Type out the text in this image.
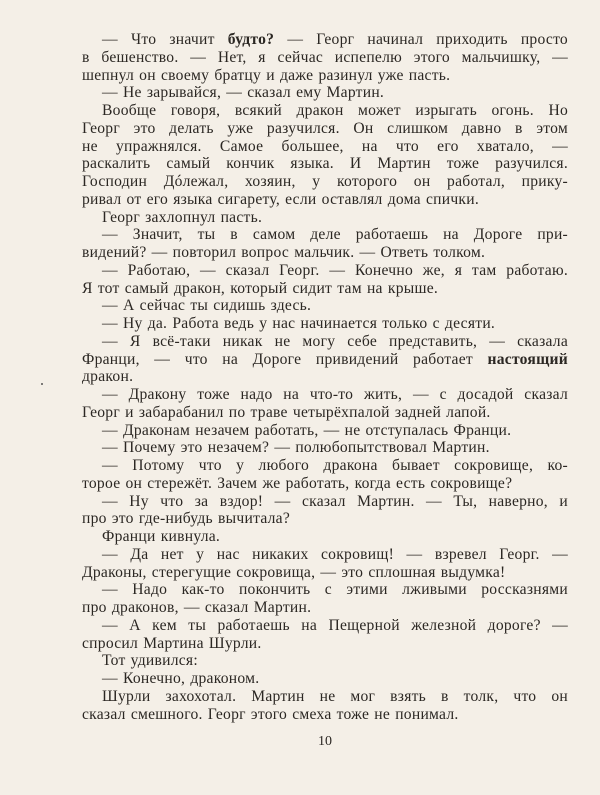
— Что значит будто? — Георг начинал приходить просто
в бешенство. — Нет, я сейчас испепелю этого мальчишку, —
шепнул он своему братцу и даже разинул уже пасть.
— Не зарывайся, — сказал ему Мартин.
Вообще говоря, всякий дракон может изрыгать огонь. Но
Георг это делать уже разучился. Он слишком давно в этом
не упражнялся. Самое большее, на что его хватало, —
раскалить самый кончик языка. И Мартин тоже разучился.
Господин Дóлежал, хозяин, у которого он работал, прику-
ривал от его языка сигарету, если оставлял дома спички.
Георг захлопнул пасть.
— Значит, ты в самом деле работаешь на Дороге при-
видений? — повторил вопрос мальчик. — Ответь толком.
— Работаю, — сказал Георг. — Конечно же, я там работаю.
Я тот самый дракон, который сидит там на крыше.
— А сейчас ты сидишь здесь.
— Ну да. Работа ведь у нас начинается только с десяти.
— Я всё-таки никак не могу себе представить, — сказала
Франци, — что на Дороге привидений работает настоящий
дракон.
— Дракону тоже надо на что-то жить, — с досадой сказал
Георг и забарабанил по траве четырёхпалой задней лапой.
— Драконам незачем работать, — не отступалась Франци.
— Почему это незачем? — полюбопытствовал Мартин.
— Потому что у любого дракона бывает сокровище, ко-
торое он стережёт. Зачем же работать, когда есть сокровище?
— Ну что за вздор! — сказал Мартин. — Ты, наверно, и
про это где-нибудь вычитала?
Франци кивнула.
— Да нет у нас никаких сокровищ! — взревел Георг. —
Драконы, стерегущие сокровища, — это сплошная выдумка!
— Надо как-то покончить с этими лживыми россказнями
про драконов, — сказал Мартин.
— А кем ты работаешь на Пещерной железной дороге? —
спросил Мартина Шурли.
Тот удивился:
— Конечно, драконом.
Шурли захохотал. Мартин не мог взять в толк, что он
сказал смешного. Георг этого смеха тоже не понимал.
10
